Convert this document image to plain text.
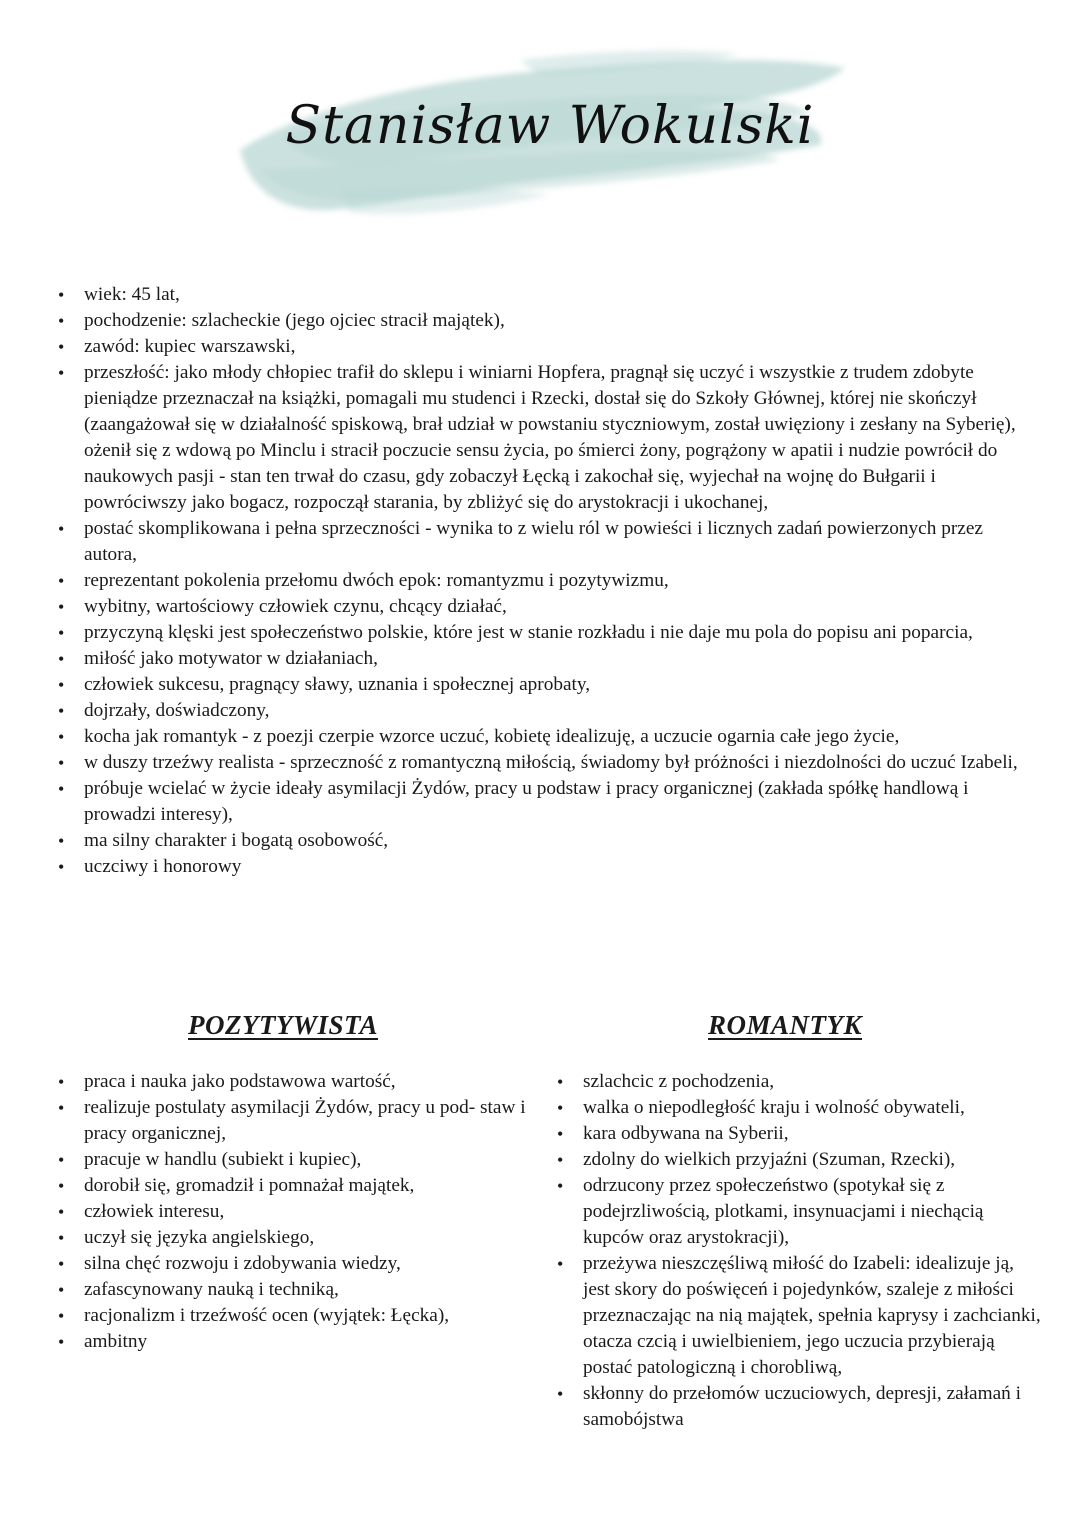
Stanisław Wokulski
• wiek: 45 lat,
• pochodzenie: szlacheckie (jego ojciec stracił majątek),
• zawód: kupiec warszawski,
• przeszłość: jako młody chłopiec trafił do sklepu i winiarni Hopfera, pragnął się uczyć i wszystkie z trudem zdobyte pieniądze przeznaczał na książki, pomagali mu studenci i Rzecki, dostał się do Szkoły Głównej, której nie skończył (zaangażował się w działalność spiskową, brał udział w powstaniu styczniowym, został uwięziony i zesłany na Syberię), ożenił się z wdową po Minclu i stracił poczucie sensu życia, po śmierci żony, pogrążony w apatii i nudzie powrócił do naukowych pasji - stan ten trwał do czasu, gdy zobaczył Łęcką i zakochał się, wyjechał na wojnę do Bułgarii i powróciwszy jako bogacz, rozpoczął starania, by zbliżyć się do arystokracji i ukochanej,
• postać skomplikowana i pełna sprzeczności - wynika to z wielu ról w powieści i licznych zadań powierzonych przez autora,
• reprezentant pokolenia przełomu dwóch epok: romantyzmu i pozytywizmu,
• wybitny, wartościowy człowiek czynu, chcący działać,
• przyczyną klęski jest społeczeństwo polskie, które jest w stanie rozkładu i nie daje mu pola do popisu ani poparcia,
• miłość jako motywator w działaniach,
• człowiek sukcesu, pragnący sławy, uznania i społecznej aprobaty,
• dojrzały, doświadczony,
• kocha jak romantyk - z poezji czerpie wzorce uczuć, kobietę idealizuję, a uczucie ogarnia całe jego życie,
• w duszy trzeźwy realista - sprzeczność z romantyczną miłością, świadomy był próżności i niezdolności do uczuć Izabeli,
• próbuje wcielać w życie ideały asymilacji Żydów, pracy u podstaw i pracy organicznej (zakłada spółkę handlową i prowadzi interesy),
• ma silny charakter i bogatą osobowość,
• uczciwy i honorowy
POZYTYWISTA	ROMANTYK
• praca i nauka jako podstawowa wartość,
• realizuje postulaty asymilacji Żydów, pracy u pod- staw i pracy organicznej,
• pracuje w handlu (subiekt i kupiec),
• dorobił się, gromadził i pomnażał majątek,
• człowiek interesu,
• uczył się języka angielskiego,
• silna chęć rozwoju i zdobywania wiedzy,
• zafascynowany nauką i techniką,
• racjonalizm i trzeźwość ocen (wyjątek: Łęcka),
• ambitny
• szlachcic z pochodzenia,
• walka o niepodległość kraju i wolność obywateli,
• kara odbywana na Syberii,
• zdolny do wielkich przyjaźni (Szuman, Rzecki),
• odrzucony przez społeczeństwo (spotykał się z podejrzliwością, plotkami, insynuacjami i niechącią kupców oraz arystokracji),
• przeżywa nieszczęśliwą miłość do Izabeli: idealizuje ją, jest skory do poświęceń i pojedynków, szaleje z miłości przeznaczając na nią majątek, spełnia kaprysy i zachcianki, otacza czcią i uwielbieniem, jego uczucia przybierają postać patologiczną i chorobliwą,
• skłonny do przełomów uczuciowych, depresji, załamań i samobójstwa
